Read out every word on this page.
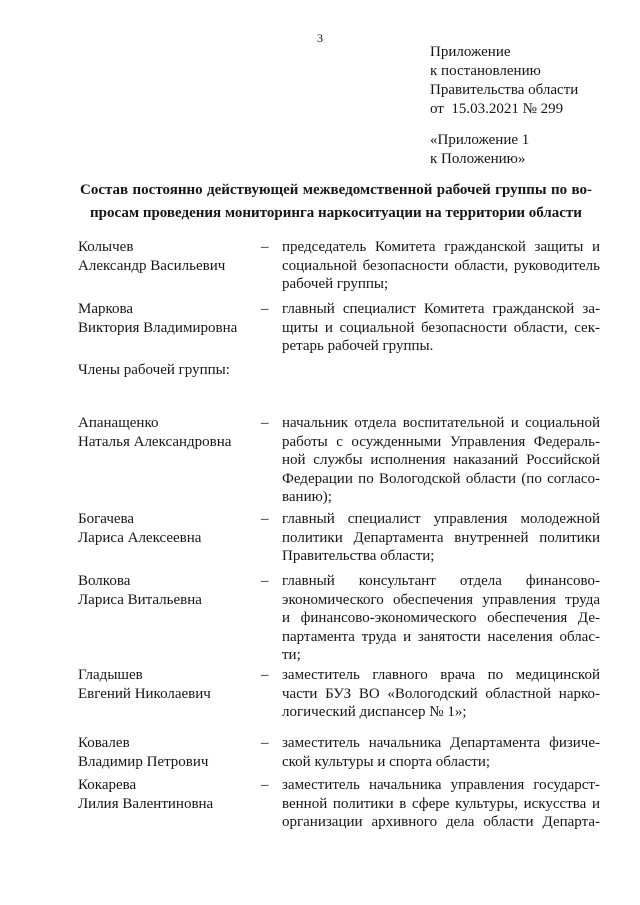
3
Приложение
к постановлению
Правительства области
от  15.03.2021 № 299
«Приложение 1
к Положению»
Состав постоянно действующей межведомственной рабочей группы по во-
просам проведения мониторинга наркоситуации на территории области
Члены рабочей группы:
Колычев
Александр Васильевич
– председатель Комитета гражданской защиты и
социальной безопасности области, руководитель
рабочей группы;
Маркова
Виктория Владимировна
– главный специалист Комитета гражданской за-
щиты и социальной безопасности области, сек-
ретарь рабочей группы.
Апанащенко
Наталья Александровна
– начальник отдела воспитательной и социальной
работы с осужденными Управления Федераль-
ной службы исполнения наказаний Российской
Федерации по Вологодской области (по согласо-
ванию);
Богачева
Лариса Алексеевна
– главный специалист управления молодежной
политики Департамента внутренней политики
Правительства области;
Волкова
Лариса Витальевна
– главный консультант отдела финансово-
экономического обеспечения управления труда
и финансово-экономического обеспечения Де-
партамента труда и занятости населения облас-
ти;
Гладышев
Евгений Николаевич
– заместитель главного врача по медицинской
части БУЗ ВО «Вологодский областной нарко-
логический диспансер № 1»;
Ковалев
Владимир Петрович
– заместитель начальника Департамента физиче-
ской культуры и спорта области;
Кокарева
Лилия Валентиновна
– заместитель начальника управления государст-
венной политики в сфере культуры, искусства и
организации архивного дела области Департа-
